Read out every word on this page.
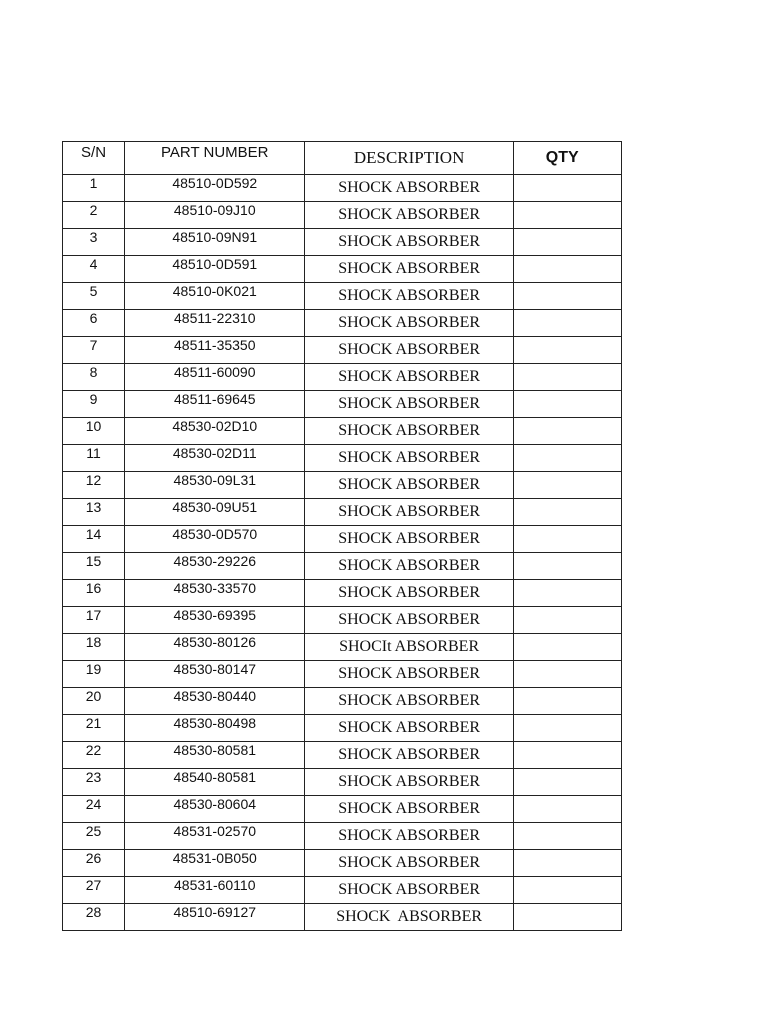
S/N	PART NUMBER	DESCRIPTION	QTY
1	48510-0D592	SHOCK ABSORBER	
2	48510-09J10	SHOCK ABSORBER	
3	48510-09N91	SHOCK ABSORBER	
4	48510-0D591	SHOCK ABSORBER	
5	48510-0K021	SHOCK ABSORBER	
6	48511-22310	SHOCK ABSORBER	
7	48511-35350	SHOCK ABSORBER	
8	48511-60090	SHOCK ABSORBER	
9	48511-69645	SHOCK ABSORBER	
10	48530-02D10	SHOCK ABSORBER	
11	48530-02D11	SHOCK ABSORBER	
12	48530-09L31	SHOCK ABSORBER	
13	48530-09U51	SHOCK ABSORBER	
14	48530-0D570	SHOCK ABSORBER	
15	48530-29226	SHOCK ABSORBER	
16	48530-33570	SHOCK ABSORBER	
17	48530-69395	SHOCK ABSORBER	
18	48530-80126	SHOCIt ABSORBER	
19	48530-80147	SHOCK ABSORBER	
20	48530-80440	SHOCK ABSORBER	
21	48530-80498	SHOCK ABSORBER	
22	48530-80581	SHOCK ABSORBER	
23	48540-80581	SHOCK ABSORBER	
24	48530-80604	SHOCK ABSORBER	
25	48531-02570	SHOCK ABSORBER	
26	48531-0B050	SHOCK ABSORBER	
27	48531-60110	SHOCK ABSORBER	
28	48510-69127	SHOCK  ABSORBER	
